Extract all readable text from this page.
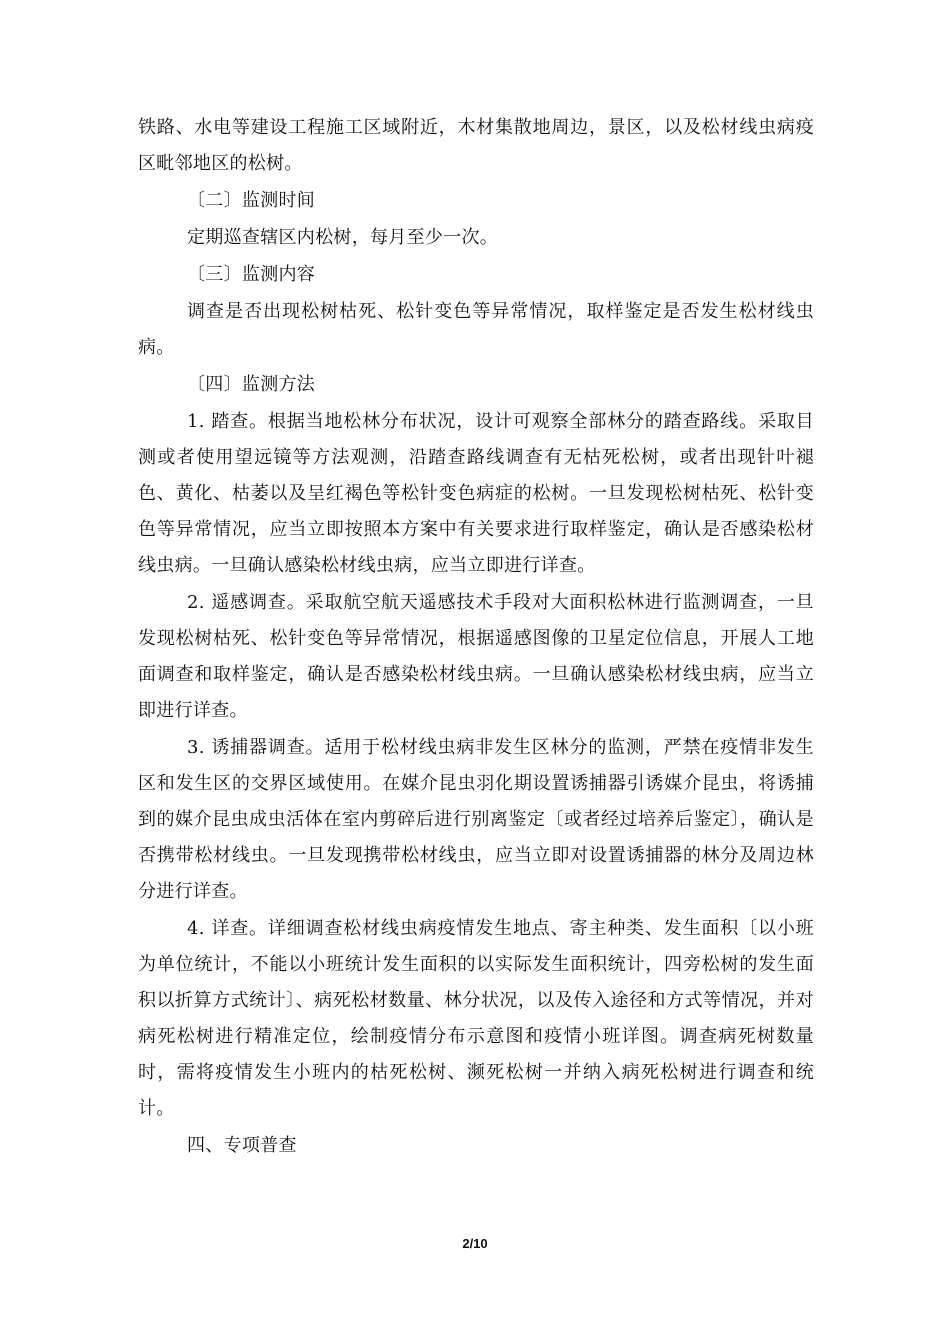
铁路、水电等建设工程施工区域附近，木材集散地周边，景区，以及松材线虫病疫区毗邻地区的松树。

〔二〕监测时间

定期巡查辖区内松树，每月至少一次。

〔三〕监测内容

调查是否出现松树枯死、松针变色等异常情况，取样鉴定是否发生松材线虫病。

〔四〕监测方法

1. 踏查。根据当地松林分布状况，设计可观察全部林分的踏查路线。采取目测或者使用望远镜等方法观测，沿踏查路线调查有无枯死松树，或者出现针叶褪色、黄化、枯萎以及呈红褐色等松针变色病症的松树。一旦发现松树枯死、松针变色等异常情况，应当立即按照本方案中有关要求进行取样鉴定，确认是否感染松材线虫病。一旦确认感染松材线虫病，应当立即进行详查。

2. 遥感调查。采取航空航天遥感技术手段对大面积松林进行监测调查，一旦发现松树枯死、松针变色等异常情况，根据遥感图像的卫星定位信息，开展人工地面调查和取样鉴定，确认是否感染松材线虫病。一旦确认感染松材线虫病，应当立即进行详查。

3. 诱捕器调查。适用于松材线虫病非发生区林分的监测，严禁在疫情非发生区和发生区的交界区域使用。在媒介昆虫羽化期设置诱捕器引诱媒介昆虫，将诱捕到的媒介昆虫成虫活体在室内剪碎后进行别离鉴定〔或者经过培养后鉴定〕，确认是否携带松材线虫。一旦发现携带松材线虫，应当立即对设置诱捕器的林分及周边林分进行详查。

4. 详查。详细调查松材线虫病疫情发生地点、寄主种类、发生面积〔以小班为单位统计，不能以小班统计发生面积的以实际发生面积统计，四旁松树的发生面积以折算方式统计〕、病死松材数量、林分状况，以及传入途径和方式等情况，并对病死松树进行精准定位，绘制疫情分布示意图和疫情小班详图。调查病死树数量时，需将疫情发生小班内的枯死松树、濒死松树一并纳入病死松树进行调查和统计。

四、专项普查

2/10
